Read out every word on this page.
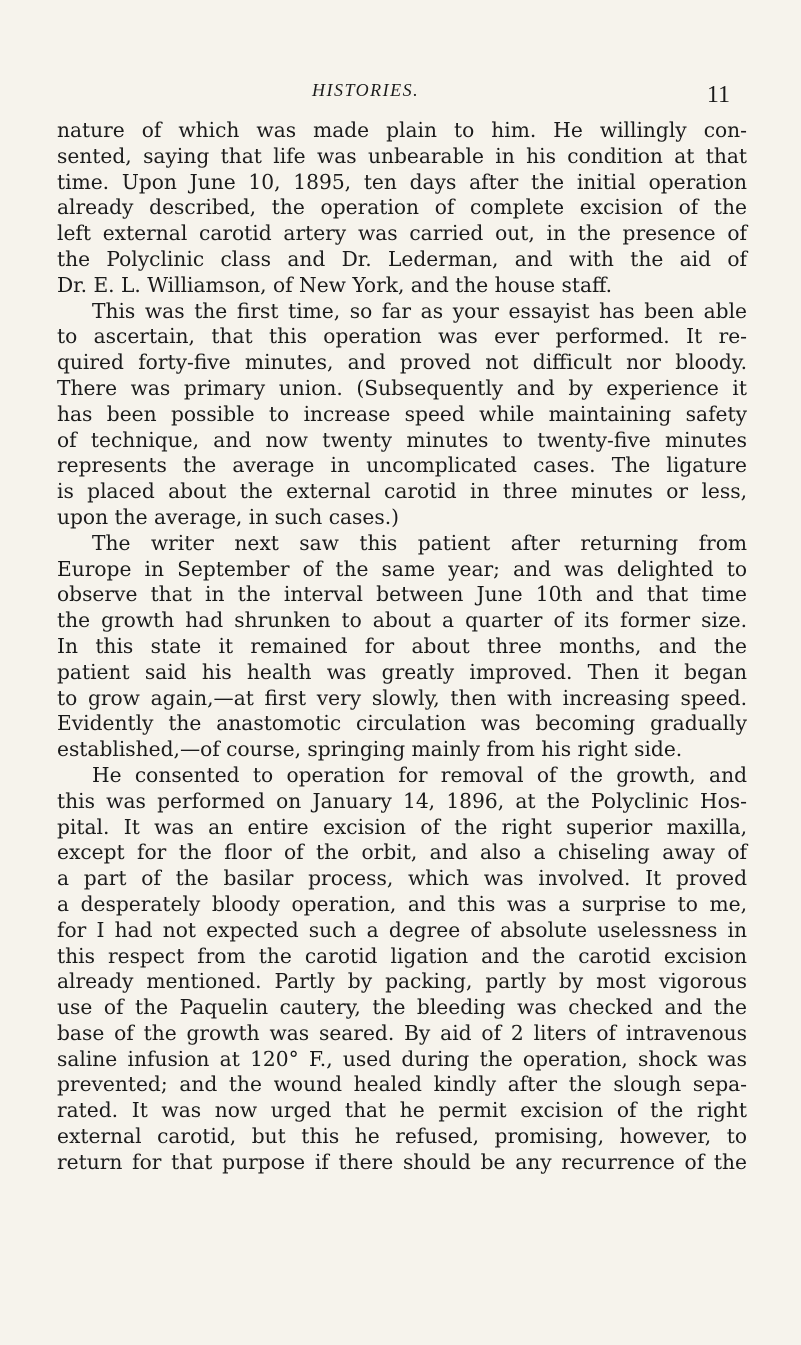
HISTORIES.	11
nature of which was made plain to him. He willingly con-
sented, saying that life was unbearable in his condition at that
time. Upon June 10, 1895, ten days after the initial operation
already described, the operation of complete excision of the
left external carotid artery was carried out, in the presence of
the Polyclinic class and Dr. Lederman, and with the aid of
Dr. E. L. Williamson, of New York, and the house staff.
This was the first time, so far as your essayist has been able
to ascertain, that this operation was ever performed. It re-
quired forty-five minutes, and proved not difficult nor bloody.
There was primary union. (Subsequently and by experience it
has been possible to increase speed while maintaining safety
of technique, and now twenty minutes to twenty-five minutes
represents the average in uncomplicated cases. The ligature
is placed about the external carotid in three minutes or less,
upon the average, in such cases.)
The writer next saw this patient after returning from
Europe in September of the same year; and was delighted to
observe that in the interval between June 10th and that time
the growth had shrunken to about a quarter of its former size.
In this state it remained for about three months, and the
patient said his health was greatly improved. Then it began
to grow again,—at first very slowly, then with increasing speed.
Evidently the anastomotic circulation was becoming gradually
established,—of course, springing mainly from his right side.
He consented to operation for removal of the growth, and
this was performed on January 14, 1896, at the Polyclinic Hos-
pital. It was an entire excision of the right superior maxilla,
except for the floor of the orbit, and also a chiseling away of
a part of the basilar process, which was involved. It proved
a desperately bloody operation, and this was a surprise to me,
for I had not expected such a degree of absolute uselessness in
this respect from the carotid ligation and the carotid excision
already mentioned. Partly by packing, partly by most vigorous
use of the Paquelin cautery, the bleeding was checked and the
base of the growth was seared. By aid of 2 liters of intravenous
saline infusion at 120° F., used during the operation, shock was
prevented; and the wound healed kindly after the slough sepa-
rated. It was now urged that he permit excision of the right
external carotid, but this he refused, promising, however, to
return for that purpose if there should be any recurrence of the
